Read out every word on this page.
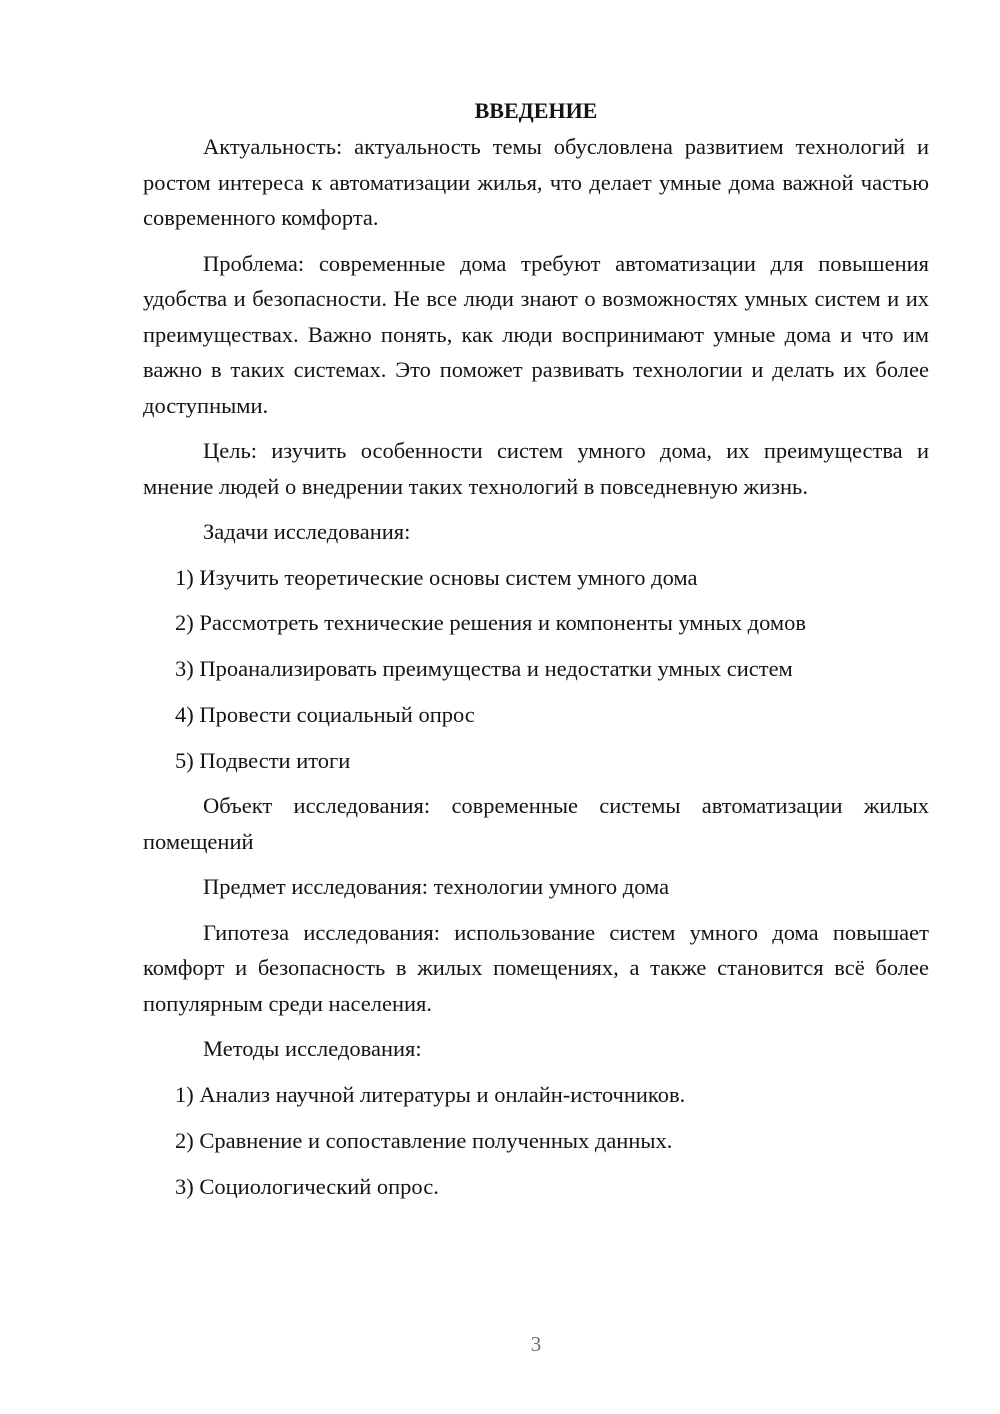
ВВЕДЕНИЕ

Актуальность: актуальность темы обусловлена развитием технологий и ростом интереса к автоматизации жилья, что делает умные дома важной частью современного комфорта.

Проблема: современные дома требуют автоматизации для повышения удобства и безопасности. Не все люди знают о возможностях умных систем и их преимуществах. Важно понять, как люди воспринимают умные дома и что им важно в таких системах. Это поможет развивать технологии и делать их более доступными.

Цель: изучить особенности систем умного дома, их преимущества и мнение людей о внедрении таких технологий в повседневную жизнь.

Задачи исследования:

1) Изучить теоретические основы систем умного дома

2) Рассмотреть технические решения и компоненты умных домов

3) Проанализировать преимущества и недостатки умных систем

4) Провести социальный опрос

5) Подвести итоги

Объект исследования: современные системы автоматизации жилых помещений

Предмет исследования: технологии умного дома

Гипотеза исследования: использование систем умного дома повышает комфорт и безопасность в жилых помещениях, а также становится всё более популярным среди населения.

Методы исследования:

1) Анализ научной литературы и онлайн-источников.

2) Сравнение и сопоставление полученных данных.

3) Социологический опрос.

3
